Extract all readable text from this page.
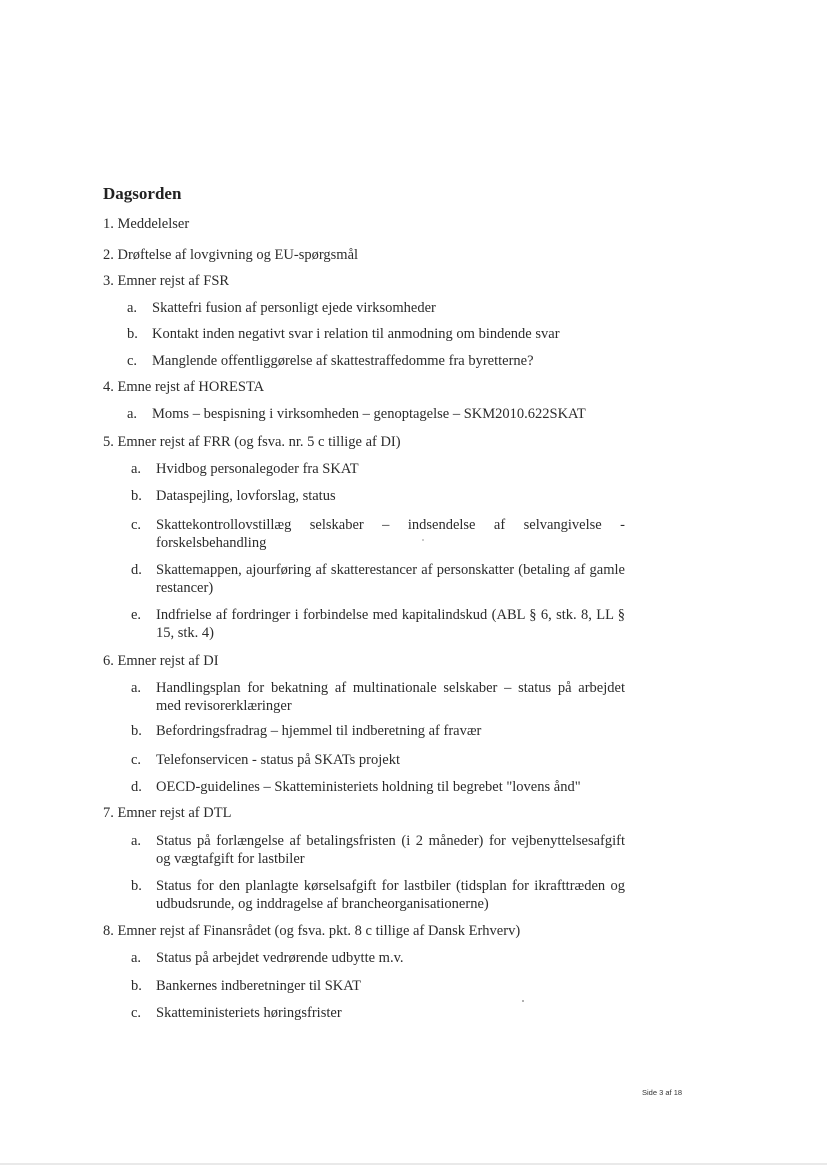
Dagsorden
1. Meddelelser
2. Drøftelse af lovgivning og EU-spørgsmål
3. Emner rejst af FSR
a. Skattefri fusion af personligt ejede virksomheder
b. Kontakt inden negativt svar i relation til anmodning om bindende svar
c. Manglende offentliggørelse af skattestraffedomme fra byretterne?
4. Emne rejst af HORESTA
a. Moms – bespisning i virksomheden – genoptagelse – SKM2010.622SKAT
5. Emner rejst af FRR (og fsva. nr. 5 c tillige af DI)
a. Hvidbog personalegoder fra SKAT
b. Dataspejling, lovforslag, status
c. Skattekontrollovstillæg selskaber – indsendelse af selvangivelse - forskelsbehandling
d. Skattemappen, ajourføring af skatterestancer af personskatter (betaling af gamle restancer)
e. Indfrielse af fordringer i forbindelse med kapitalindskud (ABL § 6, stk. 8, LL § 15, stk. 4)
6. Emner rejst af DI
a. Handlingsplan for bekatning af multinationale selskaber – status på arbejdet med revisorerklæringer
b. Befordringsfradrag – hjemmel til indberetning af fravær
c. Telefonservicen - status på SKATs projekt
d. OECD-guidelines – Skatteministeriets holdning til begrebet "lovens ånd"
7. Emner rejst af DTL
a. Status på forlængelse af betalingsfristen (i 2 måneder) for vejbenyttelsesafgift og vægtafgift for lastbiler
b. Status for den planlagte kørselsafgift for lastbiler (tidsplan for ikrafttræden og udbudsrunde, og inddragelse af brancheorganisationerne)
8. Emner rejst af Finansrådet (og fsva. pkt. 8 c tillige af Dansk Erhverv)
a. Status på arbejdet vedrørende udbytte m.v.
b. Bankernes indberetninger til SKAT
c. Skatteministeriets høringsfrister
Side 3 af 18
